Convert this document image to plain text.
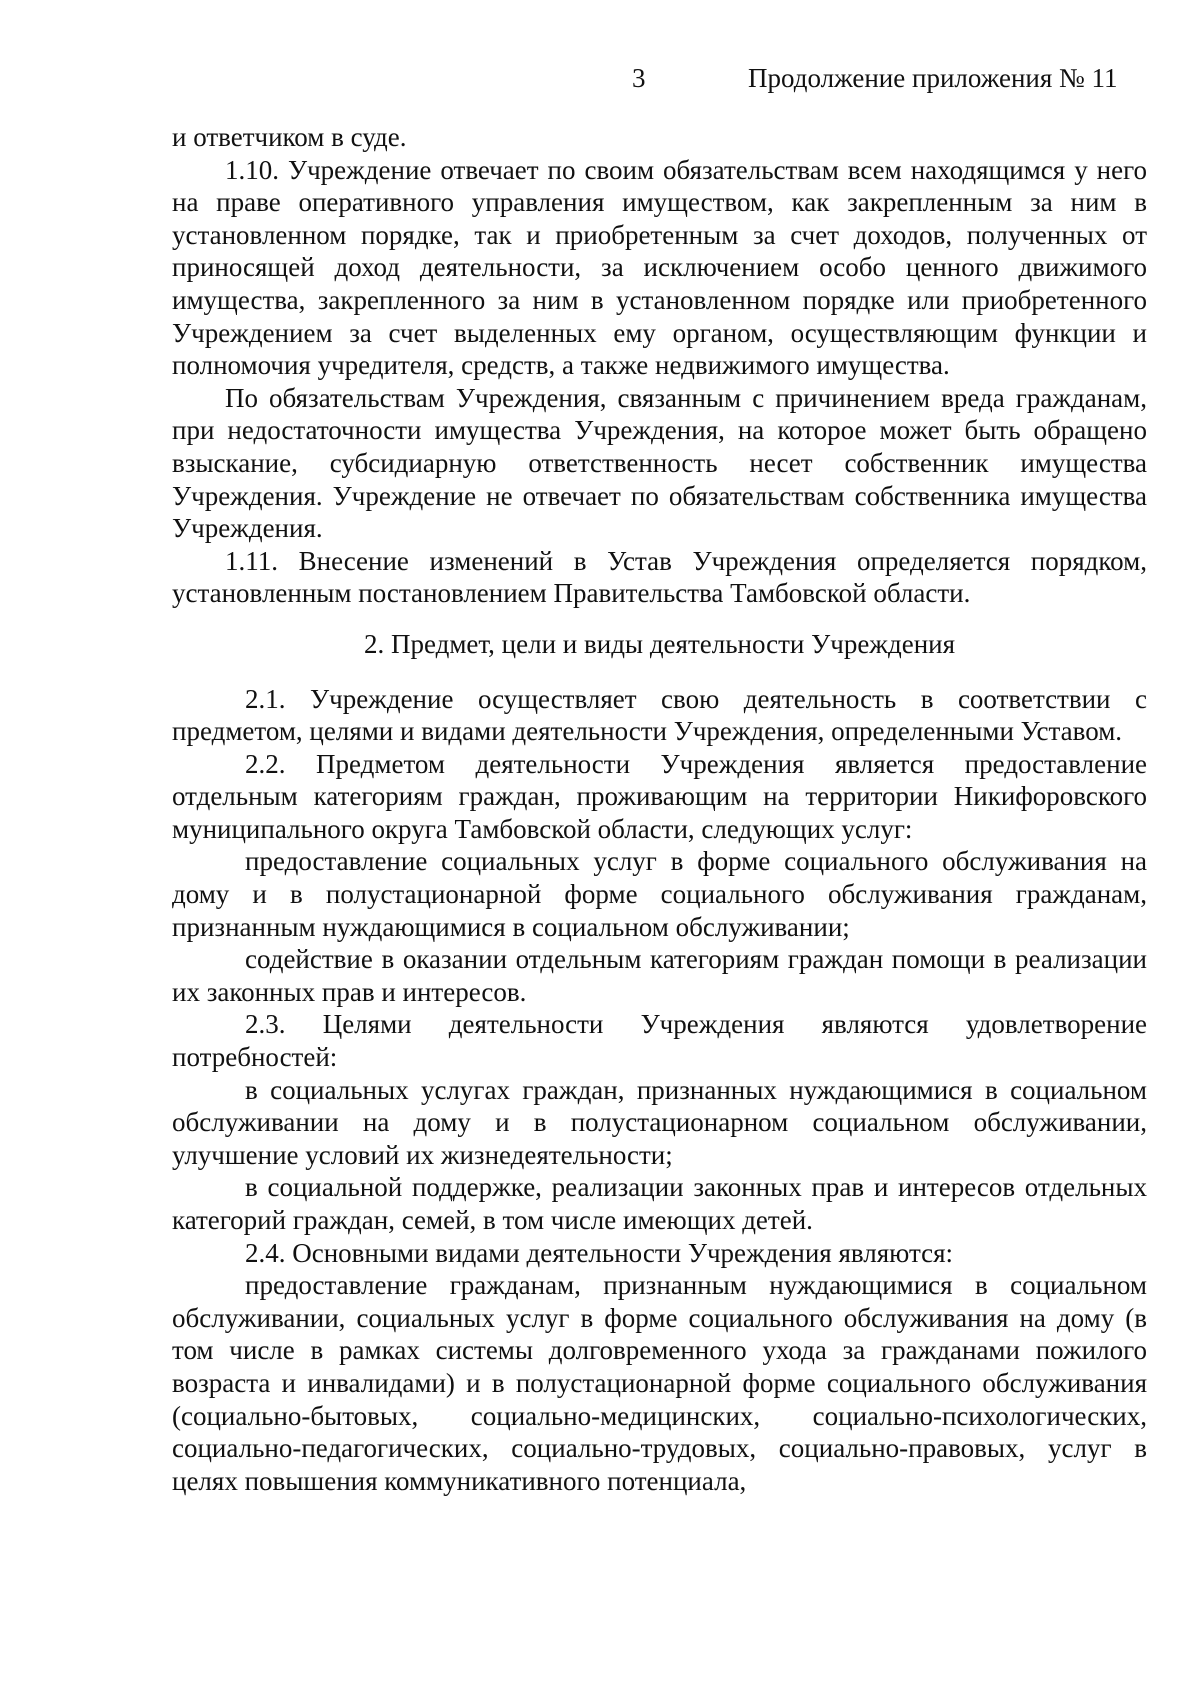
3	Продолжение приложения № 11

и ответчиком в суде.

1.10. Учреждение отвечает по своим обязательствам всем находящимся у него на праве оперативного управления имуществом, как закрепленным за ним в установленном порядке, так и приобретенным за счет доходов, полученных от приносящей доход деятельности, за исключением особо ценного движимого имущества, закрепленного за ним в установленном порядке или приобретенного Учреждением за счет выделенных ему органом, осуществляющим функции и полномочия учредителя, средств, а также недвижимого имущества.

По обязательствам Учреждения, связанным с причинением вреда гражданам, при недостаточности имущества Учреждения, на которое может быть обращено взыскание, субсидиарную ответственность несет собственник имущества Учреждения. Учреждение не отвечает по обязательствам собственника имущества Учреждения.

1.11. Внесение изменений в Устав Учреждения определяется порядком, установленным постановлением Правительства Тамбовской области.

2. Предмет, цели и виды деятельности Учреждения

2.1. Учреждение осуществляет свою деятельность в соответствии с предметом, целями и видами деятельности Учреждения, определенными Уставом.

2.2. Предметом деятельности Учреждения является предоставление отдельным категориям граждан, проживающим на территории Никифоровского муниципального округа Тамбовской области, следующих услуг:

предоставление социальных услуг в форме социального обслуживания на дому и в полустационарной форме социального обслуживания гражданам, признанным нуждающимися в социальном обслуживании;

содействие в оказании отдельным категориям граждан помощи в реализации их законных прав и интересов.

2.3. Целями деятельности Учреждения являются удовлетворение потребностей:

в социальных услугах граждан, признанных нуждающимися в социальном обслуживании на дому и в полустационарном социальном обслуживании, улучшение условий их жизнедеятельности;

в социальной поддержке, реализации законных прав и интересов отдельных категорий граждан, семей, в том числе имеющих детей.

2.4. Основными видами деятельности Учреждения являются:

предоставление гражданам, признанным нуждающимися в социальном обслуживании, социальных услуг в форме социального обслуживания на дому (в том числе в рамках системы долговременного ухода за гражданами пожилого возраста и инвалидами) и в полустационарной форме социального обслуживания (социально-бытовых, социально-медицинских, социально-психологических, социально-педагогических, социально-трудовых, социально-правовых, услуг в целях повышения коммуникативного потенциала,
